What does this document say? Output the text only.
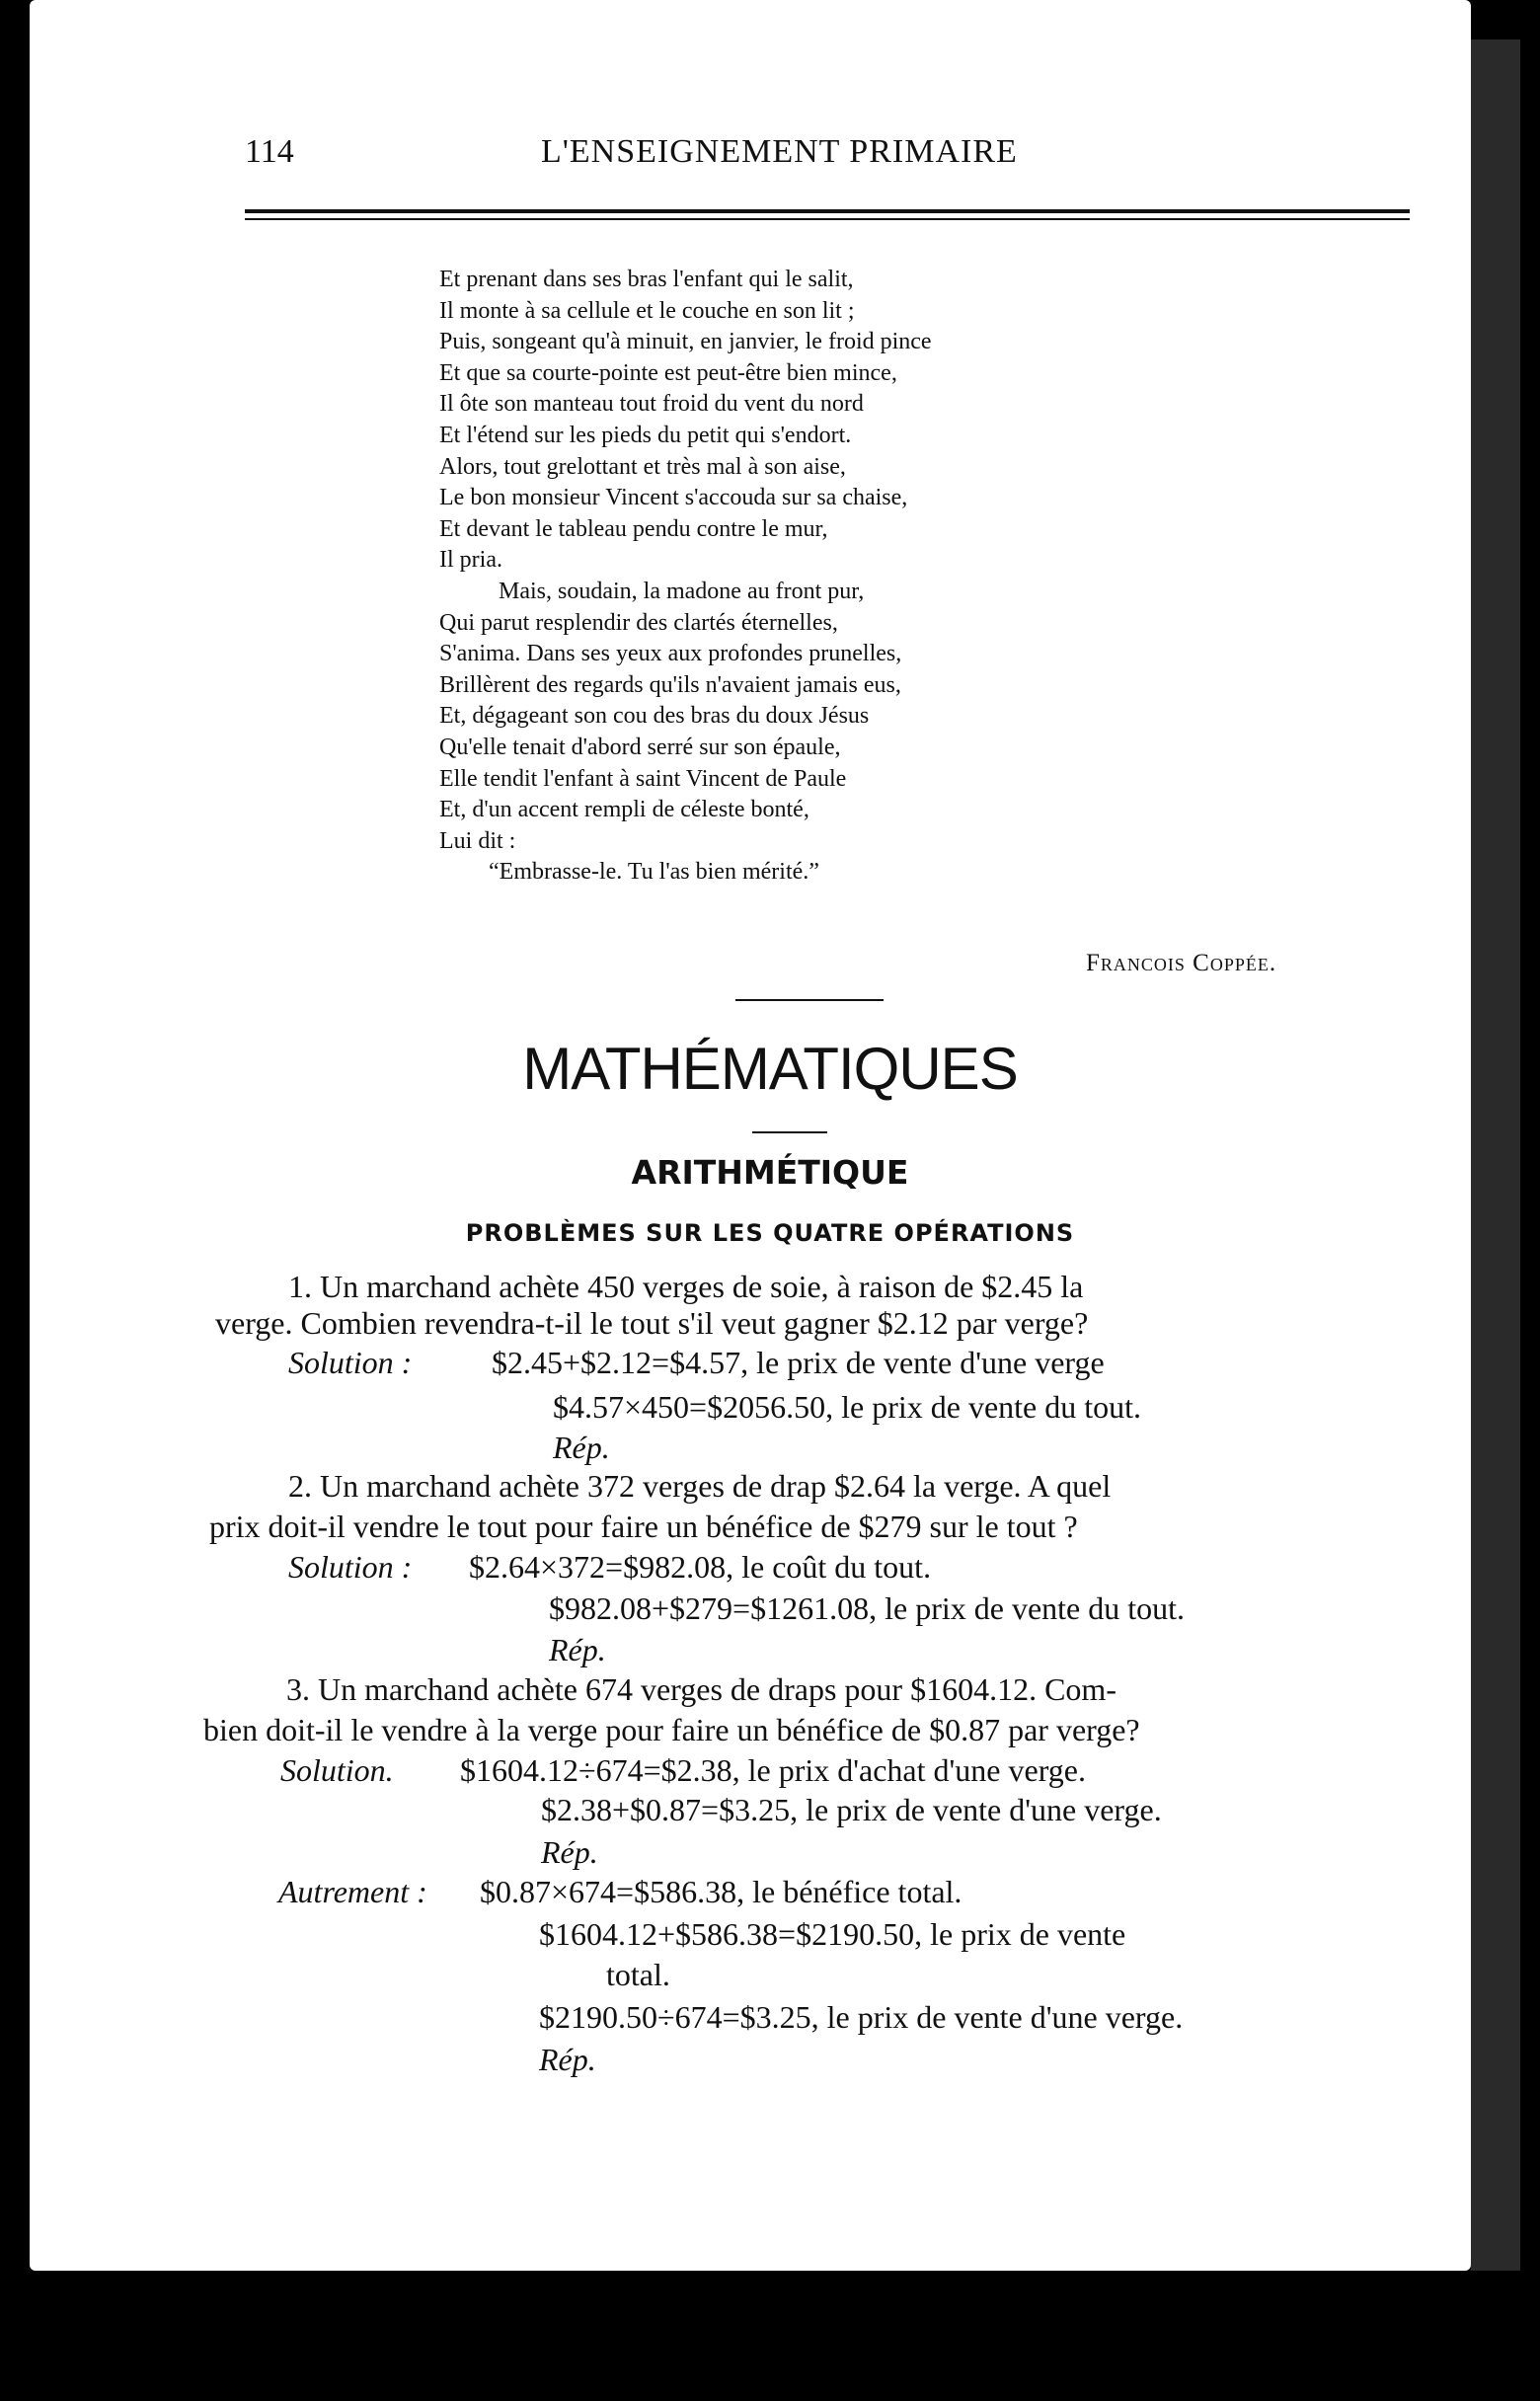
114	L'ENSEIGNEMENT PRIMAIRE
Et prenant dans ses bras l'enfant qui le salit,
Il monte à sa cellule et le couche en son lit ;
Puis, songeant qu'à minuit, en janvier, le froid pince
Et que sa courte-pointe est peut-être bien mince,
Il ôte son manteau tout froid du vent du nord
Et l'étend sur les pieds du petit qui s'endort.
Alors, tout grelottant et très mal à son aise,
Le bon monsieur Vincent s'accouda sur sa chaise,
Et devant le tableau pendu contre le mur,
Il pria.
Mais, soudain, la madone au front pur,
Qui parut resplendir des clartés éternelles,
S'anima. Dans ses yeux aux profondes prunelles,
Brillèrent des regards qu'ils n'avaient jamais eus,
Et, dégageant son cou des bras du doux Jésus
Qu'elle tenait d'abord serré sur son épaule,
Elle tendit l'enfant à saint Vincent de Paule
Et, d'un accent rempli de céleste bonté,
Lui dit :
“Embrasse-le. Tu l'as bien mérité.”
Francois Coppée.
MATHÉMATIQUES
ARITHMÉTIQUE
PROBLÈMES SUR LES QUATRE OPÉRATIONS
1. Un marchand achète 450 verges de soie, à raison de $2.45 la
verge. Combien revendra-t-il le tout s'il veut gagner $2.12 par verge?
Solution :	$2.45+$2.12=$4.57, le prix de vente d'une verge
$4.57×450=$2056.50, le prix de vente du tout.
Rép.
2. Un marchand achète 372 verges de drap $2.64 la verge. A quel
prix doit-il vendre le tout pour faire un bénéfice de $279 sur le tout ?
Solution : $2.64×372=$982.08, le coût du tout.
$982.08+$279=$1261.08, le prix de vente du tout.
Rép.
3. Un marchand achète 674 verges de draps pour $1604.12. Com-
bien doit-il le vendre à la verge pour faire un bénéfice de $0.87 par verge?
Solution. $1604.12÷674=$2.38, le prix d'achat d'une verge.
$2.38+$0.87=$3.25, le prix de vente d'une verge.
Rép.
Autrement : $0.87×674=$586.38, le bénéfice total.
$1604.12+$586.38=$2190.50, le prix de vente
total.
$2190.50÷674=$3.25, le prix de vente d'une verge.
Rép.
